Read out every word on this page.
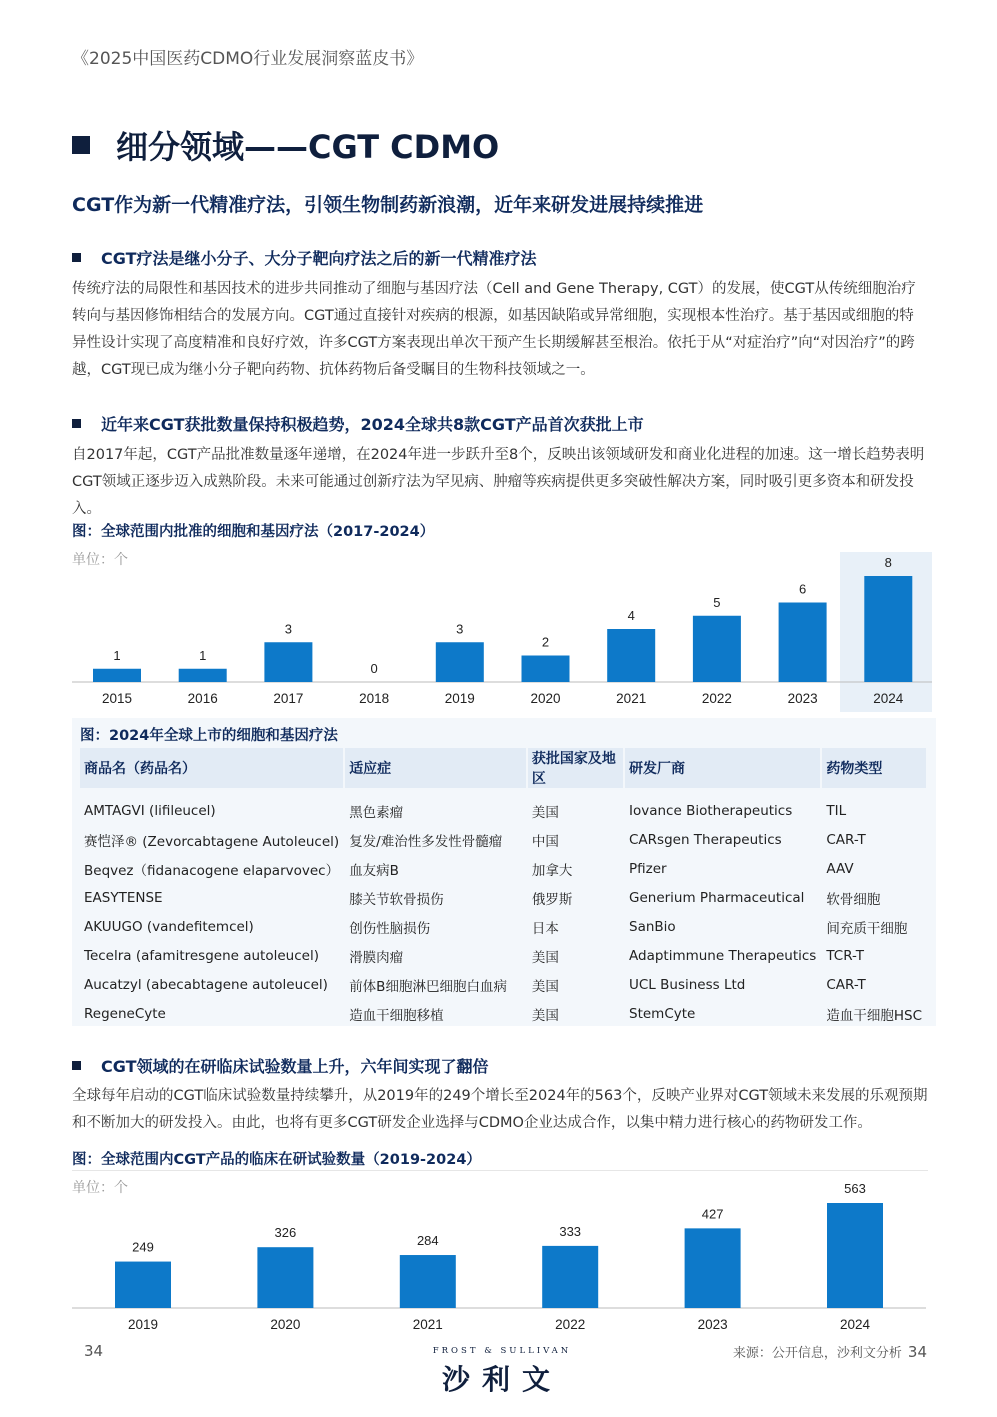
《2025中国医药CDMO行业发展洞察蓝皮书》
细分领域——CGT CDMO
CGT作为新一代精准疗法，引领生物制药新浪潮，近年来研发进展持续推进
CGT疗法是继小分子、大分子靶向疗法之后的新一代精准疗法
传统疗法的局限性和基因技术的进步共同推动了细胞与基因疗法（Cell and Gene Therapy, CGT）的发展，使CGT从传统细胞治疗转向与基因修饰相结合的发展方向。CGT通过直接针对疾病的根源，如基因缺陷或异常细胞，实现根本性治疗。基于基因或细胞的特异性设计实现了高度精准和良好疗效，许多CGT方案表现出单次干预产生长期缓解甚至根治。依托于从“对症治疗”向“对因治疗”的跨越，CGT现已成为继小分子靶向药物、抗体药物后备受瞩目的生物科技领域之一。
近年来CGT获批数量保持积极趋势，2024全球共8款CGT产品首次获批上市
自2017年起，CGT产品批准数量逐年递增，在2024年进一步跃升至8个，反映出该领域研发和商业化进程的加速。这一增长趋势表明CGT领域正逐步迈入成熟阶段。未来可能通过创新疗法为罕见病、肿瘤等疾病提供更多突破性解决方案，同时吸引更多资本和研发投入。
图：全球范围内批准的细胞和基因疗法（2017-2024）
单位：个
1
2015
1
2016
3
2017
0
2018
3
2019
2
2020
4
2021
5
2022
6
2023
8
2024
图：2024年全球上市的细胞和基因疗法
商品名（药品名）	适应症	获批国家及地区	研发厂商	药物类型
AMTAGVI (lifileucel)	黑色素瘤	美国	Iovance Biotherapeutics	TIL
赛恺泽® (Zevorcabtagene Autoleucel)	复发/难治性多发性骨髓瘤	中国	CARsgen Therapeutics	CAR-T
Beqvez（fidanacogene elaparvovec）	血友病B	加拿大	Pfizer	AAV
EASYTENSE	膝关节软骨损伤	俄罗斯	Generium Pharmaceutical	软骨细胞
AKUUGO (vandefitemcel)	创伤性脑损伤	日本	SanBio	间充质干细胞
Tecelra (afamitresgene autoleucel)	滑膜肉瘤	美国	Adaptimmune Therapeutics	TCR-T
Aucatzyl (abecabtagene autoleucel)	前体B细胞淋巴细胞白血病	美国	UCL Business Ltd	CAR-T
RegeneCyte	造血干细胞移植	美国	StemCyte	造血干细胞HSC
CGT领域的在研临床试验数量上升，六年间实现了翻倍
全球每年启动的CGT临床试验数量持续攀升，从2019年的249个增长至2024年的563个，反映产业界对CGT领域未来发展的乐观预期和不断加大的研发投入。由此，也将有更多CGT研发企业选择与CDMO企业达成合作，以集中精力进行核心的药物研发工作。
图：全球范围内CGT产品的临床在研试验数量（2019-2024）
单位：个
249
2019
326
2020
284
2021
333
2022
427
2023
563
2024
34	FROST & SULLIVAN
沙利文
来源：公开信息，沙利文分析 34
